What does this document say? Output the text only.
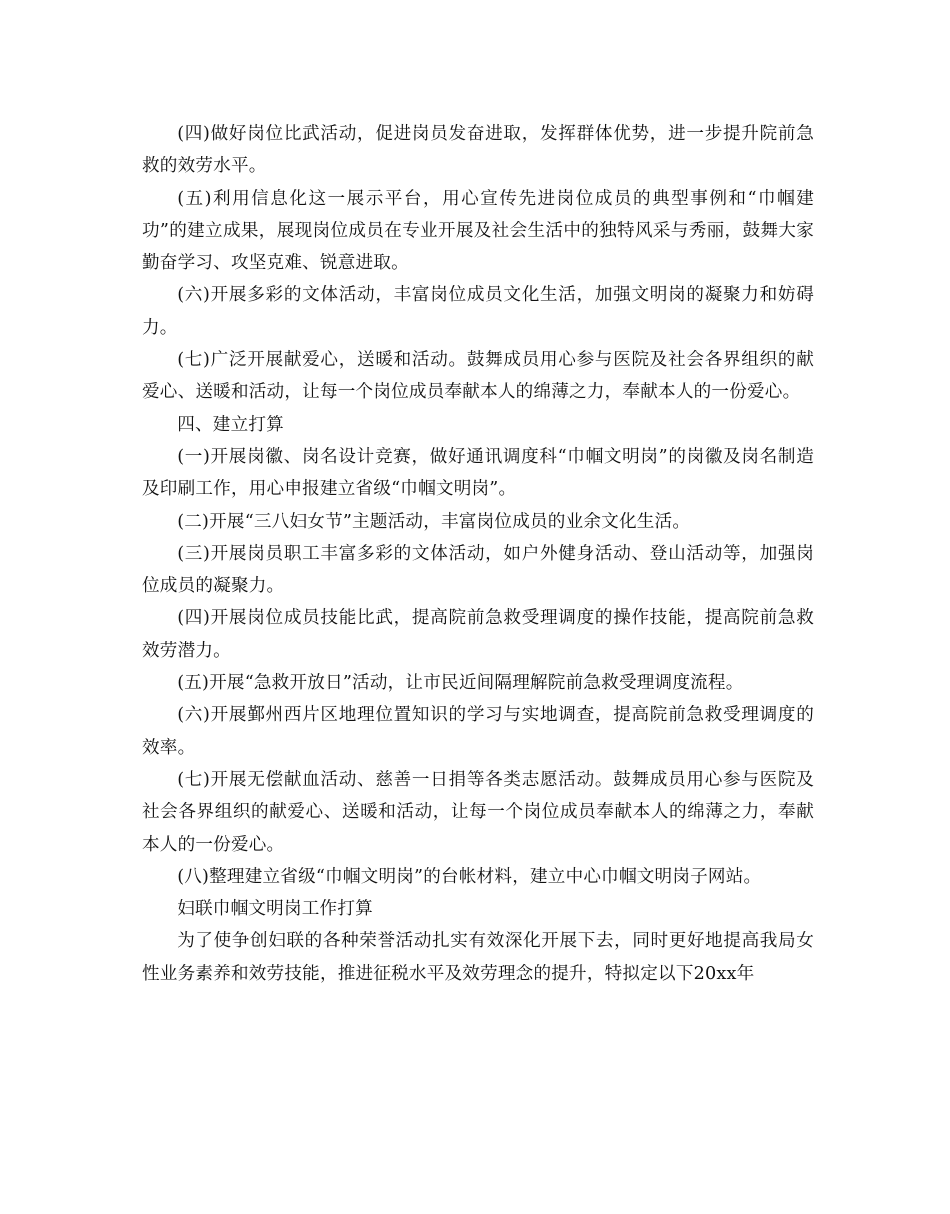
(四)做好岗位比武活动，促进岗员发奋进取，发挥群体优势，进一步提升院前急救的效劳水平。

(五)利用信息化这一展示平台，用心宣传先进岗位成员的典型事例和“巾帼建功”的建立成果，展现岗位成员在专业开展及社会生活中的独特风采与秀丽，鼓舞大家勤奋学习、攻坚克难、锐意进取。

(六)开展多彩的文体活动，丰富岗位成员文化生活，加强文明岗的凝聚力和妨碍力。

(七)广泛开展献爱心，送暖和活动。鼓舞成员用心参与医院及社会各界组织的献爱心、送暖和活动，让每一个岗位成员奉献本人的绵薄之力，奉献本人的一份爱心。

四、建立打算

(一)开展岗徽、岗名设计竞赛，做好通讯调度科“巾帼文明岗”的岗徽及岗名制造及印刷工作，用心申报建立省级“巾帼文明岗”。

(二)开展“三八妇女节”主题活动，丰富岗位成员的业余文化生活。

(三)开展岗员职工丰富多彩的文体活动，如户外健身活动、登山活动等，加强岗位成员的凝聚力。

(四)开展岗位成员技能比武，提高院前急救受理调度的操作技能，提高院前急救效劳潜力。

(五)开展“急救开放日”活动，让市民近间隔理解院前急救受理调度流程。

(六)开展鄞州西片区地理位置知识的学习与实地调查，提高院前急救受理调度的效率。

(七)开展无偿献血活动、慈善一日捐等各类志愿活动。鼓舞成员用心参与医院及社会各界组织的献爱心、送暖和活动，让每一个岗位成员奉献本人的绵薄之力，奉献本人的一份爱心。

(八)整理建立省级“巾帼文明岗”的台帐材料，建立中心巾帼文明岗子网站。

妇联巾帼文明岗工作打算

为了使争创妇联的各种荣誉活动扎实有效深化开展下去，同时更好地提高我局女性业务素养和效劳技能，推进征税水平及效劳理念的提升，特拟定以下20xx年
